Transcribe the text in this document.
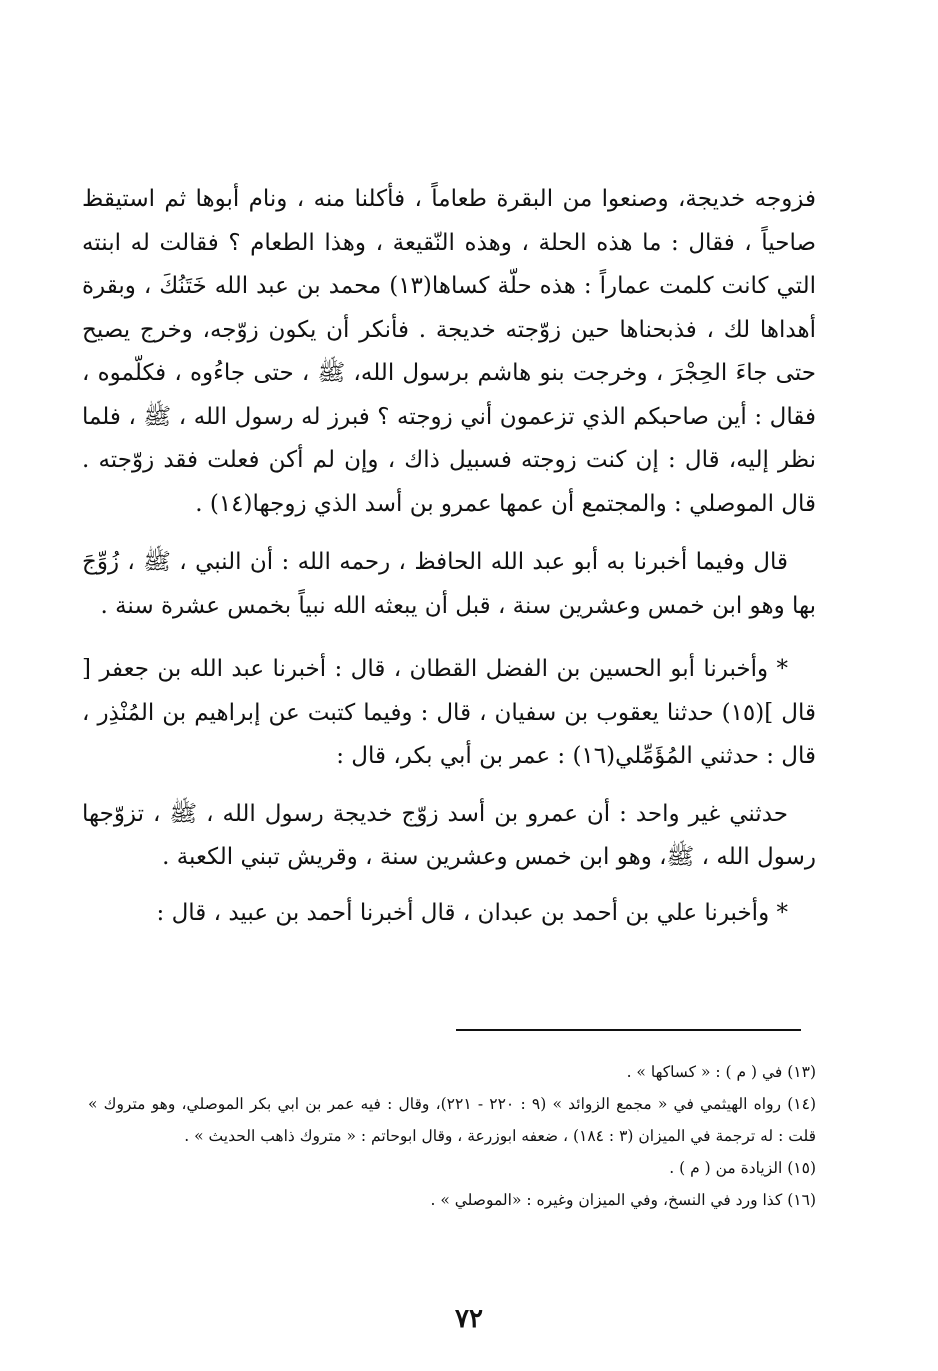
فزوجه خديجة، وصنعوا من البقرة طعاماً ، فأكلنا منه ، ونام أبوها ثم استيقظ صاحياً ، فقال : ما هذه الحلة ، وهذه النّقيعة ، وهذا الطعام ؟ فقالت له ابنته التي كانت كلمت عماراً : هذه حلّة كساها(١٣) محمد بن عبد الله خَتَنُكَ ، وبقرة أهداها لك ، فذبحناها حين زوّجته خديجة . فأنكر أن يكون زوّجه، وخرج يصيح حتى جاءَ الحِجْرَ ، وخرجت بنو هاشم برسول الله، ﷺ ، حتى جاءُوه ، فكلّموه ، فقال : أين صاحبكم الذي تزعمون أني زوجته ؟ فبرز له رسول الله ، ﷺ ، فلما نظر إليه، قال : إن كنت زوجته فسبيل ذاك ، وإن لم أكن فعلت فقد زوّجته . قال الموصلي : والمجتمع أن عمها عمرو بن أسد الذي زوجها(١٤) .

قال وفيما أخبرنا به أبو عبد الله الحافظ ، رحمه الله : أن النبي ، ﷺ ، زُوِّجَ بها وهو ابن خمس وعشرين سنة ، قبل أن يبعثه الله نبياً بخمس عشرة سنة .

* وأخبرنا أبو الحسين بن الفضل القطان ، قال : أخبرنا عبد الله بن جعفر [ قال ](١٥) حدثنا يعقوب بن سفيان ، قال : وفيما كتبت عن إبراهيم بن المُنْذِر ، قال : حدثني المُؤَمِّلي(١٦) : عمر بن أبي بكر، قال :

حدثني غير واحد : أن عمرو بن أسد زوّج خديجة رسول الله ، ﷺ ، تزوّجها رسول الله ، ﷺ، وهو ابن خمس وعشرين سنة ، وقريش تبني الكعبة .

* وأخبرنا علي بن أحمد بن عبدان ، قال أخبرنا أحمد بن عبيد ، قال :

(١٣) في ( م ) : « كساكها » .

(١٤) رواه الهيثمي في « مجمع الزوائد » (٩ : ٢٢٠ - ٢٢١)، وقال : فيه عمر بن ابي بكر الموصلي، وهو متروك » قلت : له ترجمة في الميزان (٣ : ١٨٤) ، ضعفه ابوزرعة ، وقال ابوحاتم : « متروك ذاهب الحديث » .

(١٥) الزيادة من ( م ) .

(١٦) كذا ورد في النسخ، وفي الميزان وغيره : «الموصلي » .

٧٢
